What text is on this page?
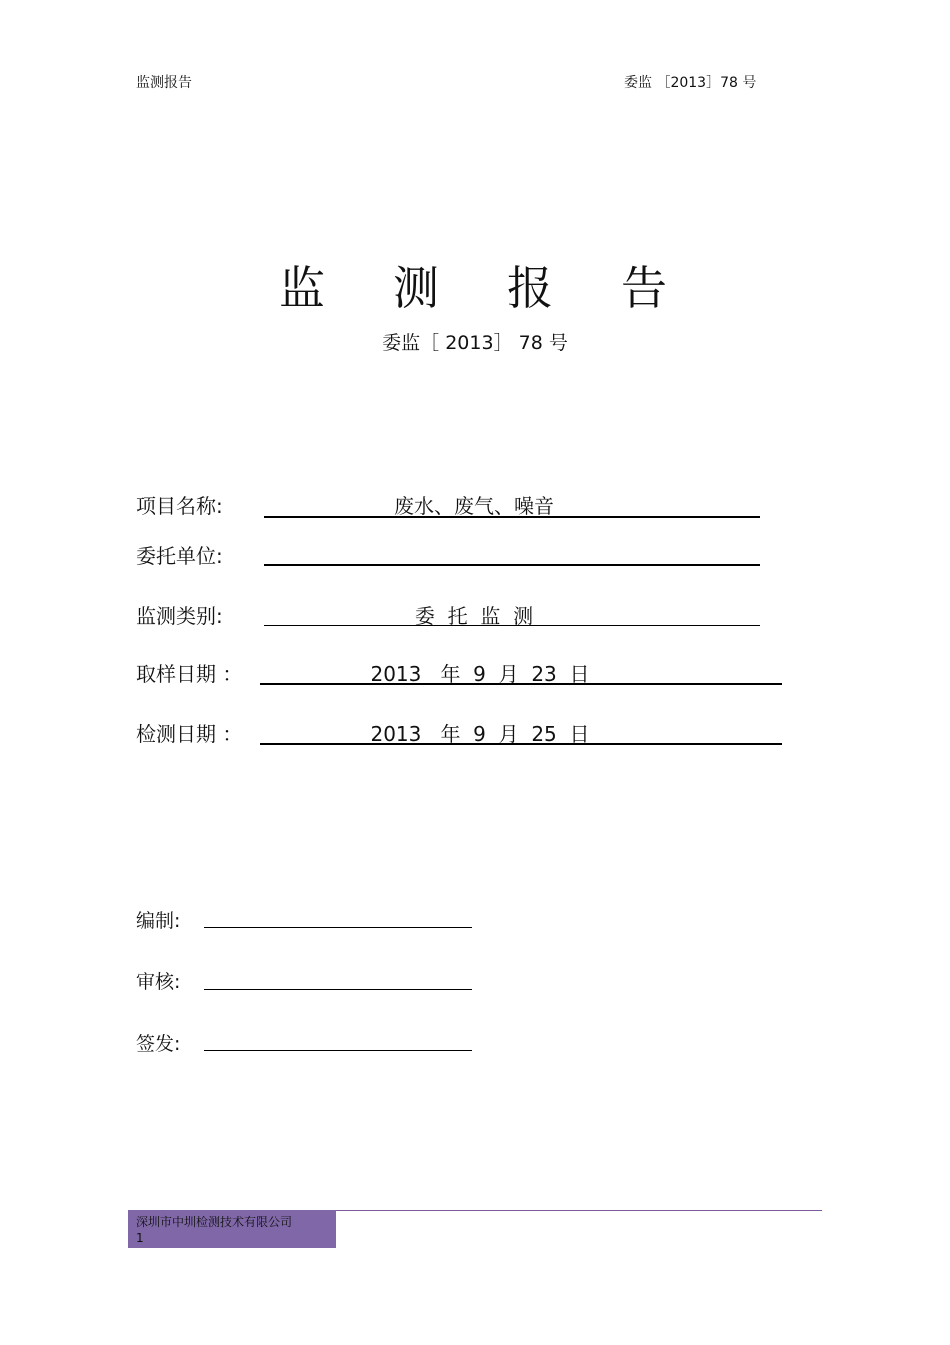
监测报告	委监 ［2013］78 号
监 测 报 告
委监［ 2013］ 78 号
项目名称:	废水、废气、噪音
委托单位:
监测类别:	委  托  监  测
取样日期 ：	2013   年  9  月  23  日
检测日期 ：	2013   年  9  月  25  日
编制:
审核:
签发:
深圳市中圳检测技术有限公司
1
